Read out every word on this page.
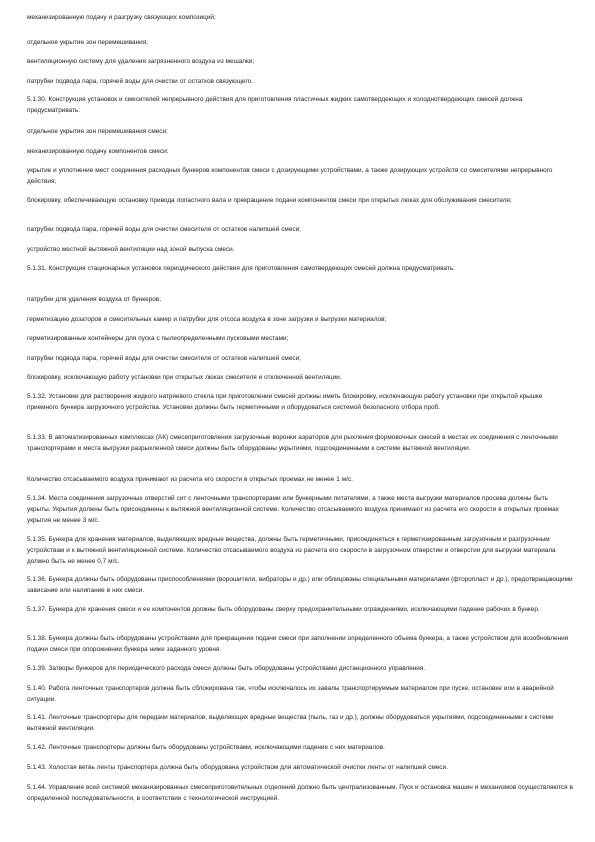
механизированную подачу и разгрузку связующих композиций;

отдельное укрытие зон перемешивания;

вентиляционную систему для удаления загрязненного воздуха из мешалки;

патрубки подвода пара, горячей воды для очистки от остатков связующего.

5.1.30. Конструкция установок и смесителей непрерывного действия для приготовления пластичных жидких самотвердеющих и холоднотвердеющих смесей должна предусматривать:

отдельное укрытие зон перемешивания смеси;

механизированную подачу компонентов смеси;

укрытие и уплотнение мест соединения расходных бункеров компонентов смеси с дозирующими устройствами, а также дозирующих устройств со смесителями непрерывного действия;

блокировку, обеспечивающую остановку привода лопастного вала и прекращение подачи компонентов смеси при открытых люках для обслуживания смесителя;

патрубки подвода пара, горячей воды для очистки смесителя от остатков налипшей смеси;

устройство местной вытяжной вентиляции над зоной выпуска смеси.

5.1.31. Конструкция стационарных установок периодического действия для приготовления самотвердеющих смесей должна предусматривать:

патрубки для удаления воздуха от бункеров;

герметизацию дозаторов и смесительных камер и патрубки для отсоса воздуха в зоне загрузки и выгрузки материалов;

герметизированные контейнеры для пуска с пылеопределенными пусковыми местами;

патрубки подвода пара, горячей воды для очистки смесителя от остатков налипшей смеси;

блокировку, исключающую работу установки при открытых люках смесителя и отключенной вентиляции.

5.1.32. Установки для растворения жидкого натриевого стекла при приготовлении смесей должны иметь блокировку, исключающую работу установки при открытой крышке приемного бункера загрузочного устройства. Установки должны быть герметичными и оборудоваться системой безопасного отбора проб.

5.1.33. В автоматизированных комплексах (АК) смесеприготовления загрузочные воронки аэраторов для рыхления формовочных смесей в местах их соединения с ленточными транспортерами и места выгрузки разрыхленной смеси должны быть оборудованы укрытиями, подсоединенными к системе вытяжной вентиляции.

Количество отсасываемого воздуха принимают из расчета его скорости в открытых проемах не менее 1 м/с.

5.1.34. Места соединения загрузочных отверстий сит с ленточными транспортерами или бункерными питателями, а также места выгрузки материалов просева должны быть укрыты. Укрытия должны быть присоединены к вытяжной вентиляционной системе. Количество отсасываемого воздуха принимают из расчета его скорости в открытых проемах укрытия не менее 3 м/с.

5.1.35. Бункера для хранения материалов, выделяющих вредные вещества, должны быть герметичными, присоединяться к герметизированным загрузочным и разгрузочным устройствам и к вытяжной вентиляционной системе. Количество отсасываемого воздуха из расчета его скорости в загрузочном отверстии и отверстии для выгрузки материала должно быть не менее 0,7 м/с.

5.1.36. Бункера должны быть оборудованы приспособлениями (ворошители, вибраторы и др.) или облицованы специальными материалами (фторопласт и др.), предотвращающими зависание или налипание в них смеси.

5.1.37. Бункера для хранения смеси и ее компонентов должны быть оборудованы сверху предохранительными ограждениями, исключающими падение рабочих в бункер.

5.1.38. Бункера должны быть оборудованы устройствами для прекращения подачи смеси при заполнении определенного объема бункера, а также устройством для возобновления подачи смеси при опорожнении бункера ниже заданного уровня.

5.1.39. Затворы бункеров для периодического расхода смеси должны быть оборудованы устройствами дистанционного управления.

5.1.40. Работа ленточных транспортеров должна быть сблокирована так, чтобы исключалось их завалы транспортируемым материалом при пуске, остановке или в аварийной ситуации.

5.1.41. Ленточные транспортеры для передачи материалов, выделяющих вредные вещества (пыль, газ и др.), должны оборудоваться укрытиями, подсоединенными к системе вытяжной вентиляции.

5.1.42. Ленточные транспортеры должны быть оборудованы устройствами, исключающими падение с них материалов.

5.1.43. Холостая ветвь ленты транспортера должна быть оборудована устройством для автоматической очистки ленты от налипшей смеси.

5.1.44. Управление всей системой механизированных смесеприготовительных отделений должно быть централизованным. Пуск и остановка машин и механизмов осуществляются в определенной последовательности, в соответствии с технологической инструкцией.
